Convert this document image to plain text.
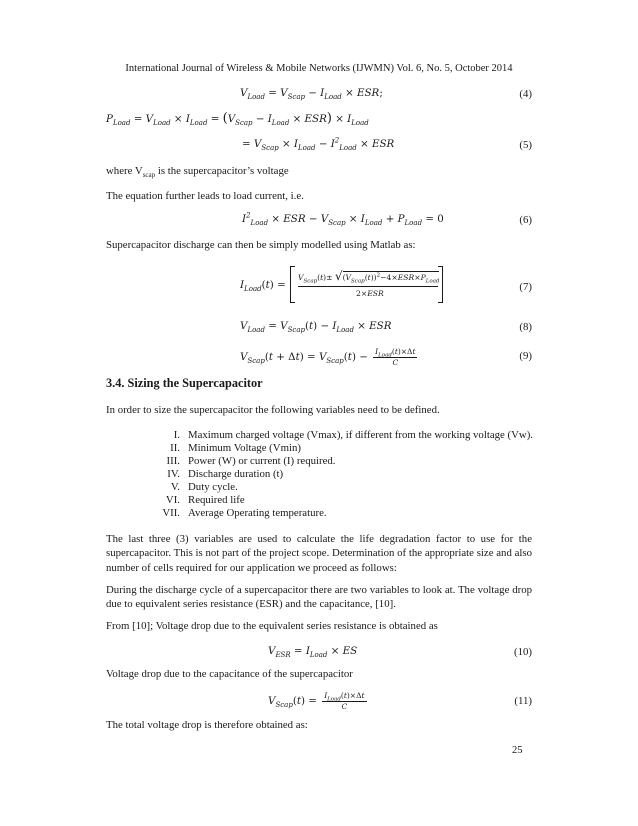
International Journal of Wireless & Mobile Networks (IJWMN) Vol. 6, No. 5, October 2014
$V_{Load} = V_{Scap} - I_{Load}$ × ESR;	(4)
$P_{Load} = V_{Load} \times I_{Load} = (V_{Scap} - I_{Load} \times ESR) \times I_{Load}$
= $V_{Scap} \times I_{Load} - I^2_{Load}$ × ESR	(5)
where $V_{scap}$ is the supercapacitor’s voltage
The equation further leads to load current, i.e.
$I^2_{Load}$ × ESR − $V_{Scap} \times I_{Load} + P_{Load} = 0$	(6)
Supercapacitor discharge can then be simply modelled using Matlab as:
$I_{Load}(t)$ =
$V_{Scap}(t)\pm √(V_{Scap}(t))^2-4\times ESR\times P_{Load}$
2×ESR
(7)
$V_{Load} = V_{Scap}(t) - I_{Load}$ × ESR	(8)
$V_{Scap}(t + \Delta t) = V_{Scap}(t) - \frac{I_{Load}(t)\times\Delta t}{C}$	(9)
3.4. Sizing the Supercapacitor
In order to size the supercapacitor the following variables need to be defined.
I. Maximum charged voltage (Vmax), if different from the working voltage (Vw).
II. Minimum Voltage (Vmin)
III. Power (W) or current (I) required.
IV. Discharge duration (t)
V. Duty cycle.
VI. Required life
VII. Average Operating temperature.
The last three (3) variables are used to calculate the life degradation factor to use for the supercapacitor. This is not part of the project scope. Determination of the appropriate size and also number of cells required for our application we proceed as follows:
During the discharge cycle of a supercapacitor there are two variables to look at. The voltage drop due to equivalent series resistance (ESR) and the capacitance, [10].
From [10]; Voltage drop due to the equivalent series resistance is obtained as
$V_{ESR} = I_{Load}$ × ES	(10)
Voltage drop due to the capacitance of the supercapacitor
$V_{Scap}(t) = \frac{I_{Load}(t)\times\Delta t}{C}$	(11)
The total voltage drop is therefore obtained as:
25
